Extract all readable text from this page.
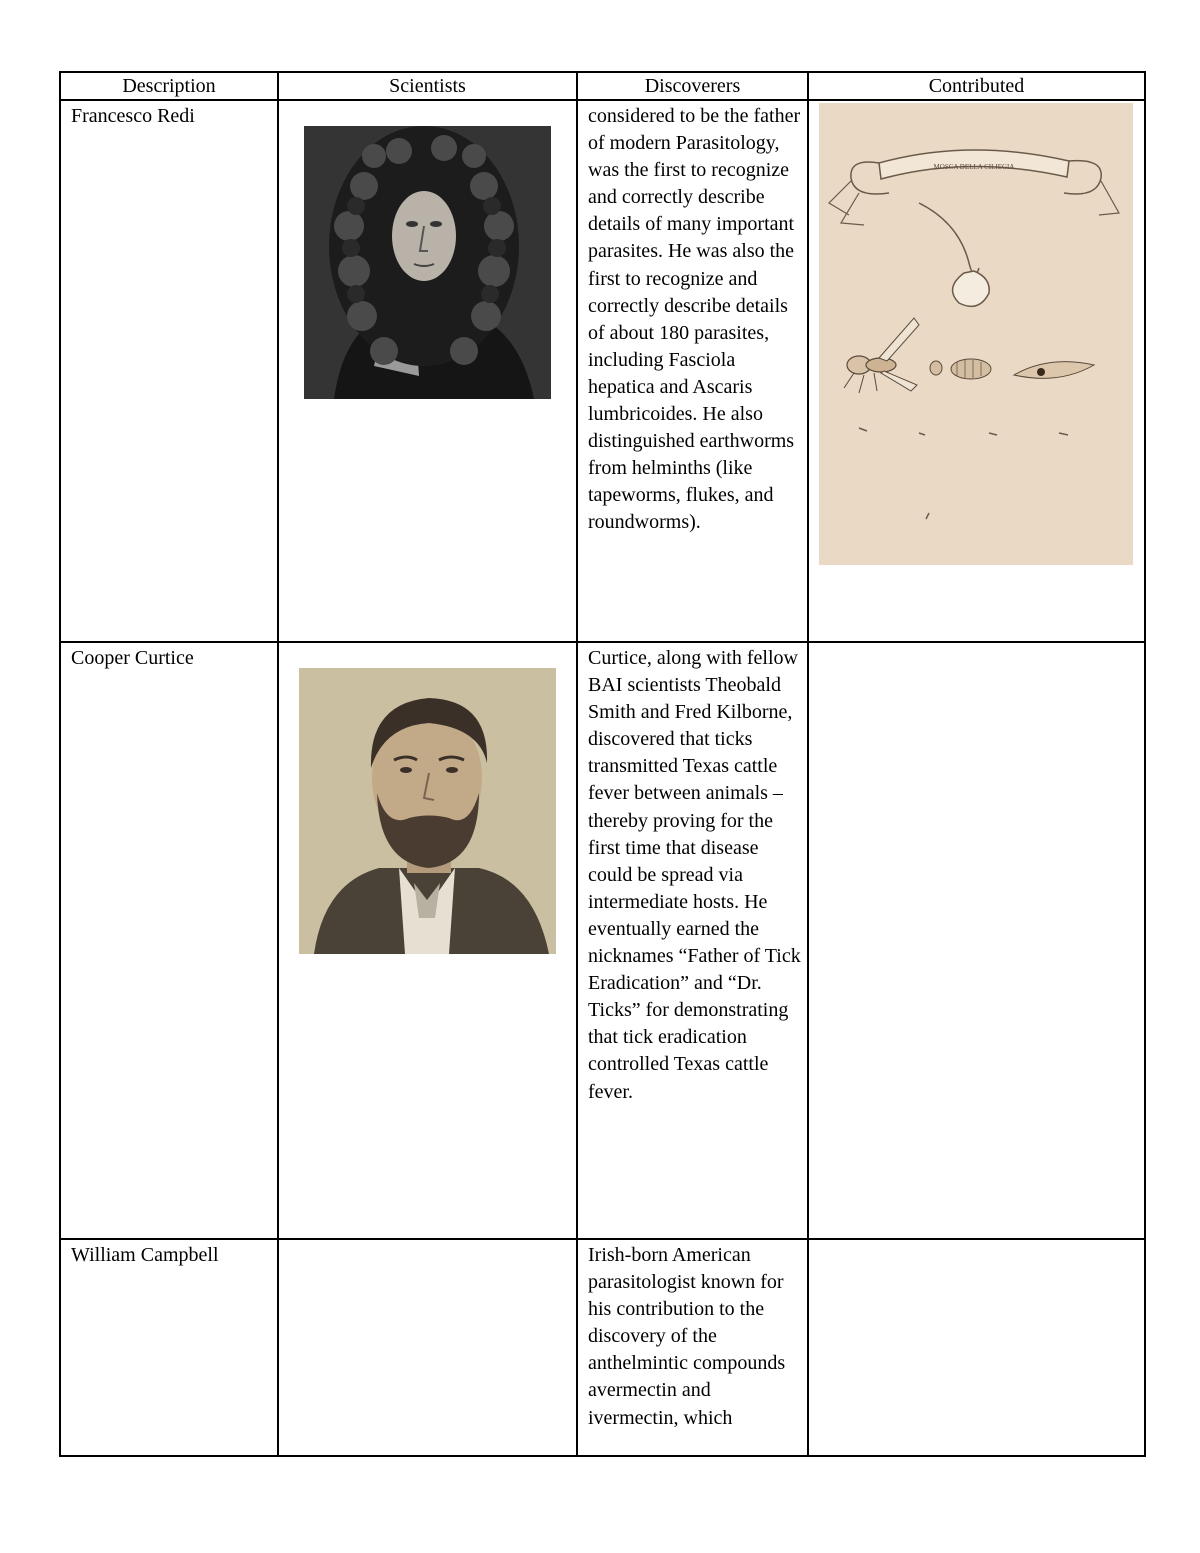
Description	Scientists	Discoverers	Contributed
Francesco Redi		considered to be the father of modern Parasitology, was the first to recognize and correctly describe details of many important parasites. He was also the first to recognize and correctly describe details of about 180 parasites, including Fasciola hepatica and Ascaris lumbricoides. He also distinguished earthworms from helminths (like tapeworms, flukes, and roundworms).	MOSCA DELLA CILIEGIA

Cooper Curtice		Curtice, along with fellow BAI scientists Theobald Smith and Fred Kilborne, discovered that ticks transmitted Texas cattle fever between animals – thereby proving for the first time that disease could be spread via intermediate hosts. He eventually earned the nicknames “Father of Tick Eradication” and “Dr. Ticks” for demonstrating that tick eradication controlled Texas cattle fever.	
William Campbell		Irish-born American parasitologist known for his contribution to the discovery of the anthelmintic compounds avermectin and ivermectin, which	
